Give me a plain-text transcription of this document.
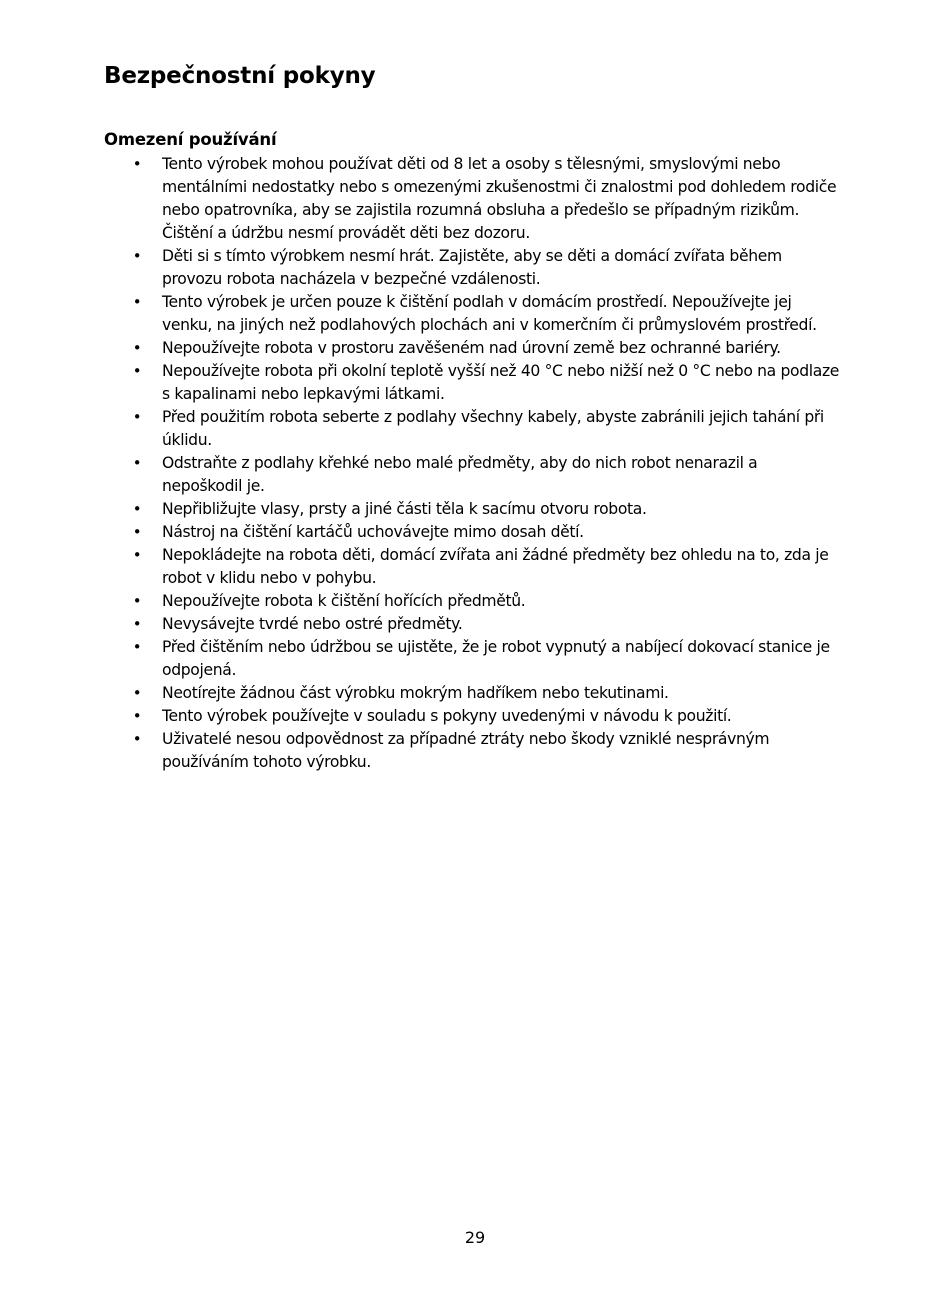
Bezpečnostní pokyny
Omezení používání
• Tento výrobek mohou používat děti od 8 let a osoby s tělesnými, smyslovými nebo mentálními nedostatky nebo s omezenými zkušenostmi či znalostmi pod dohledem rodiče nebo opatrovníka, aby se zajistila rozumná obsluha a předešlo se případným rizikům. Čištění a údržbu nesmí provádět děti bez dozoru.
• Děti si s tímto výrobkem nesmí hrát. Zajistěte, aby se děti a domácí zvířata během provozu robota nacházela v bezpečné vzdálenosti.
• Tento výrobek je určen pouze k čištění podlah v domácím prostředí. Nepoužívejte jej venku, na jiných než podlahových plochách ani v komerčním či průmyslovém prostředí.
• Nepoužívejte robota v prostoru zavěšeném nad úrovní země bez ochranné bariéry.
• Nepoužívejte robota při okolní teplotě vyšší než 40 °C nebo nižší než 0 °C nebo na podlaze s kapalinami nebo lepkavými látkami.
• Před použitím robota seberte z podlahy všechny kabely, abyste zabránili jejich tahání při úklidu.
• Odstraňte z podlahy křehké nebo malé předměty, aby do nich robot nenarazil a nepoškodil je.
• Nepřibližujte vlasy, prsty a jiné části těla k sacímu otvoru robota.
• Nástroj na čištění kartáčů uchovávejte mimo dosah dětí.
• Nepokládejte na robota děti, domácí zvířata ani žádné předměty bez ohledu na to, zda je robot v klidu nebo v pohybu.
• Nepoužívejte robota k čištění hořících předmětů.
• Nevysávejte tvrdé nebo ostré předměty.
• Před čištěním nebo údržbou se ujistěte, že je robot vypnutý a nabíjecí dokovací stanice je odpojená.
• Neotírejte žádnou část výrobku mokrým hadříkem nebo tekutinami.
• Tento výrobek používejte v souladu s pokyny uvedenými v návodu k použití.
• Uživatelé nesou odpovědnost za případné ztráty nebo škody vzniklé nesprávným používáním tohoto výrobku.
29
